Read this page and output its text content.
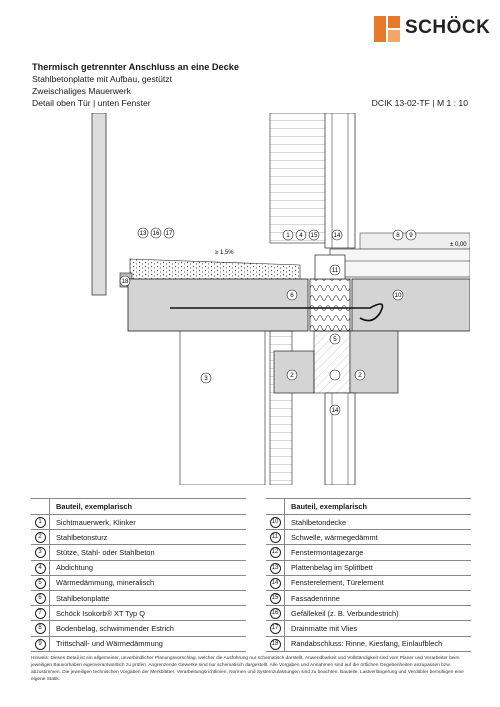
SCHÖCK
Thermisch getrennter Anschluss an eine Decke
Stahlbetonplatte mit Aufbau, gestützt
Zweischaliges Mauerwerk
Detail oben Tür | unten Fenster	DCIK 13-02-TF | M 1 : 10
≥ 1,5%
± 0,00
13 16 17	1 4 15	14	8 9
18
11
6	10
5
3	2	2
14
	Bauteil, exemplarisch
1	Sichtmauerwerk, Klinker
2	Stahlbetonsturz
3	Stütze, Stahl- oder Stahlbeton
4	Abdichtung
5	Wärmedämmung, mineralisch
6	Stahlbetonplatte
7	Schöck Isokorb® XT Typ Q
8	Bodenbelag, schwimmender Estrich
9	Trittschall- und Wärmedämmung
	Bauteil, exemplarisch
10	Stahlbetondecke
11	Schwelle, wärmegedämmt
12	Fenstermontagezarge
13	Plattenbelag im Splittbett
14	Fensterelement, Türelement
15	Fassadenrinne
16	Gefällekeil (z. B. Verbundestrich)
17	Drainmatte mit Vlies
18	Randabschluss: Rinne, Kiesfang, Einlaufblech
Hinweis: Dieses Detail ist ein allgemeiner, unverbindlicher Planungsvorschlag, welcher die Ausführung nur schematisch darstellt. Anwendbarkeit und Vollständigkeit sind vom Planer und Verarbeiter beim jeweiligen Bauvorhaben eigenverantwortlich zu prüfen. Angrenzende Gewerke sind nur schematisch dargestellt. Alle Vorgaben und Annahmen sind auf die örtlichen Gegebenheiten anzupassen bzw. abzustimmen. Die jeweiligen technischen Vorgaben der Merkblätter, Verarbeitungsrichtlinien, Normen und Systemzulassungen sind zu beachten. Bauteile, Lastverlängerung und Verdübler bemühigen eine eigene Statik.
